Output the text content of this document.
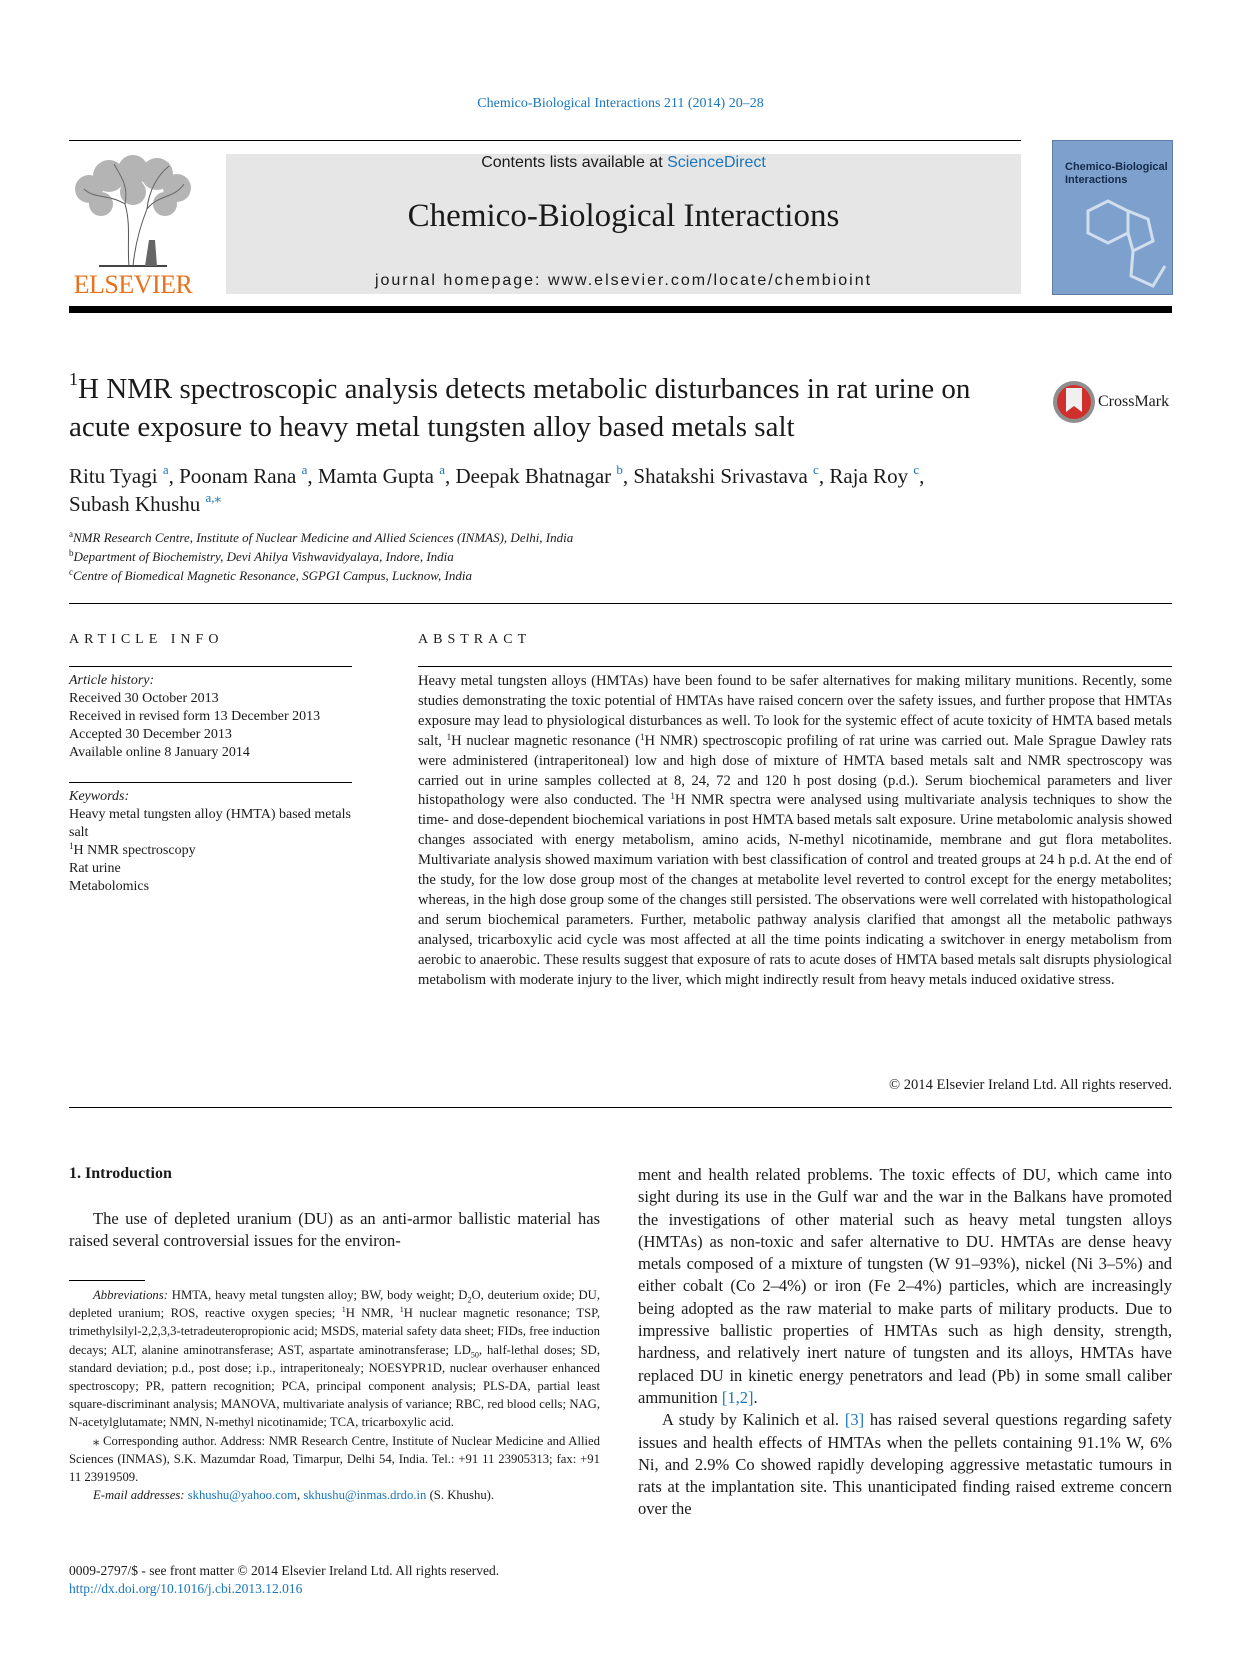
Chemico-Biological Interactions 211 (2014) 20–28
ELSEVIER
Contents lists available at ScienceDirect
Chemico-Biological Interactions
journal homepage: www.elsevier.com/locate/chembioint
Chemico-Biological Interactions
$^1$H NMR spectroscopic analysis detects metabolic disturbances in rat urine on acute exposure to heavy metal tungsten alloy based metals salt
CrossMark
Ritu Tyagi $^a$, Poonam Rana $^a$, Mamta Gupta $^a$, Deepak Bhatnagar $^b$, Shatakshi Srivastava $^c$, Raja Roy $^c$,
Subash Khushu $^{a,⁎}$
$^a$NMR Research Centre, Institute of Nuclear Medicine and Allied Sciences (INMAS), Delhi, India
$^b$Department of Biochemistry, Devi Ahilya Vishwavidyalaya, Indore, India
$^c$Centre of Biomedical Magnetic Resonance, SGPGI Campus, Lucknow, India
ARTICLE INFO
Article history:
Received 30 October 2013
Received in revised form 13 December 2013
Accepted 30 December 2013
Available online 8 January 2014
Keywords:
Heavy metal tungsten alloy (HMTA) based metals salt
$^1$H NMR spectroscopy
Rat urine
Metabolomics
ABSTRACT
Heavy metal tungsten alloys (HMTAs) have been found to be safer alternatives for making military munitions. Recently, some studies demonstrating the toxic potential of HMTAs have raised concern over the safety issues, and further propose that HMTAs exposure may lead to physiological disturbances as well. To look for the systemic effect of acute toxicity of HMTA based metals salt, $^1$H nuclear magnetic resonance ($^1$H NMR) spectroscopic profiling of rat urine was carried out. Male Sprague Dawley rats were administered (intraperitoneal) low and high dose of mixture of HMTA based metals salt and NMR spectroscopy was carried out in urine samples collected at 8, 24, 72 and 120 h post dosing (p.d.). Serum biochemical parameters and liver histopathology were also conducted. The $^1$H NMR spectra were analysed using multivariate analysis techniques to show the time- and dose-dependent biochemical variations in post HMTA based metals salt exposure. Urine metabolomic analysis showed changes associated with energy metabolism, amino acids, N-methyl nicotinamide, membrane and gut flora metabolites. Multivariate analysis showed maximum variation with best classification of control and treated groups at 24 h p.d. At the end of the study, for the low dose group most of the changes at metabolite level reverted to control except for the energy metabolites; whereas, in the high dose group some of the changes still persisted. The observations were well correlated with histopathological and serum biochemical parameters. Further, metabolic pathway analysis clarified that amongst all the metabolic pathways analysed, tricarboxylic acid cycle was most affected at all the time points indicating a switchover in energy metabolism from aerobic to anaerobic. These results suggest that exposure of rats to acute doses of HMTA based metals salt disrupts physiological metabolism with moderate injury to the liver, which might indirectly result from heavy metals induced oxidative stress.
© 2014 Elsevier Ireland Ltd. All rights reserved.
1. Introduction
The use of depleted uranium (DU) as an anti-armor ballistic material has raised several controversial issues for the environ-
Abbreviations: HMTA, heavy metal tungsten alloy; BW, body weight; $D_2O$, deuterium oxide; DU, depleted uranium; ROS, reactive oxygen species; $^1$H NMR, $^1$H nuclear magnetic resonance; TSP, trimethylsilyl-2,2,3,3-tetradeuteropropionic acid; MSDS, material safety data sheet; FIDs, free induction decays; ALT, alanine aminotransferase; AST, aspartate aminotransferase; $LD_{50}$, half-lethal doses; SD, standard deviation; p.d., post dose; i.p., intraperitonealy; NOESYPR1D, nuclear overhauser enhanced spectroscopy; PR, pattern recognition; PCA, principal component analysis; PLS-DA, partial least square-discriminant analysis; MANOVA, multivariate analysis of variance; RBC, red blood cells; NAG, N-acetylglutamate; NMN, N-methyl nicotinamide; TCA, tricarboxylic acid.
⁎ Corresponding author. Address: NMR Research Centre, Institute of Nuclear Medicine and Allied Sciences (INMAS), S.K. Mazumdar Road, Timarpur, Delhi 54, India. Tel.: +91 11 23905313; fax: +91 11 23919509.
E-mail addresses: skhushu@yahoo.com, skhushu@inmas.drdo.in (S. Khushu).
0009-2797/$ - see front matter © 2014 Elsevier Ireland Ltd. All rights reserved.
http://dx.doi.org/10.1016/j.cbi.2013.12.016
ment and health related problems. The toxic effects of DU, which came into sight during its use in the Gulf war and the war in the Balkans have promoted the investigations of other material such as heavy metal tungsten alloys (HMTAs) as non-toxic and safer alternative to DU. HMTAs are dense heavy metals composed of a mixture of tungsten (W 91–93%), nickel (Ni 3–5%) and either cobalt (Co 2–4%) or iron (Fe 2–4%) particles, which are increasingly being adopted as the raw material to make parts of military products. Due to impressive ballistic properties of HMTAs such as high density, strength, hardness, and relatively inert nature of tungsten and its alloys, HMTAs have replaced DU in kinetic energy penetrators and lead (Pb) in some small caliber ammunition [1,2].
A study by Kalinich et al. [3] has raised several questions regarding safety issues and health effects of HMTAs when the pellets containing 91.1% W, 6% Ni, and 2.9% Co showed rapidly developing aggressive metastatic tumours in rats at the implantation site. This unanticipated finding raised extreme concern over the
